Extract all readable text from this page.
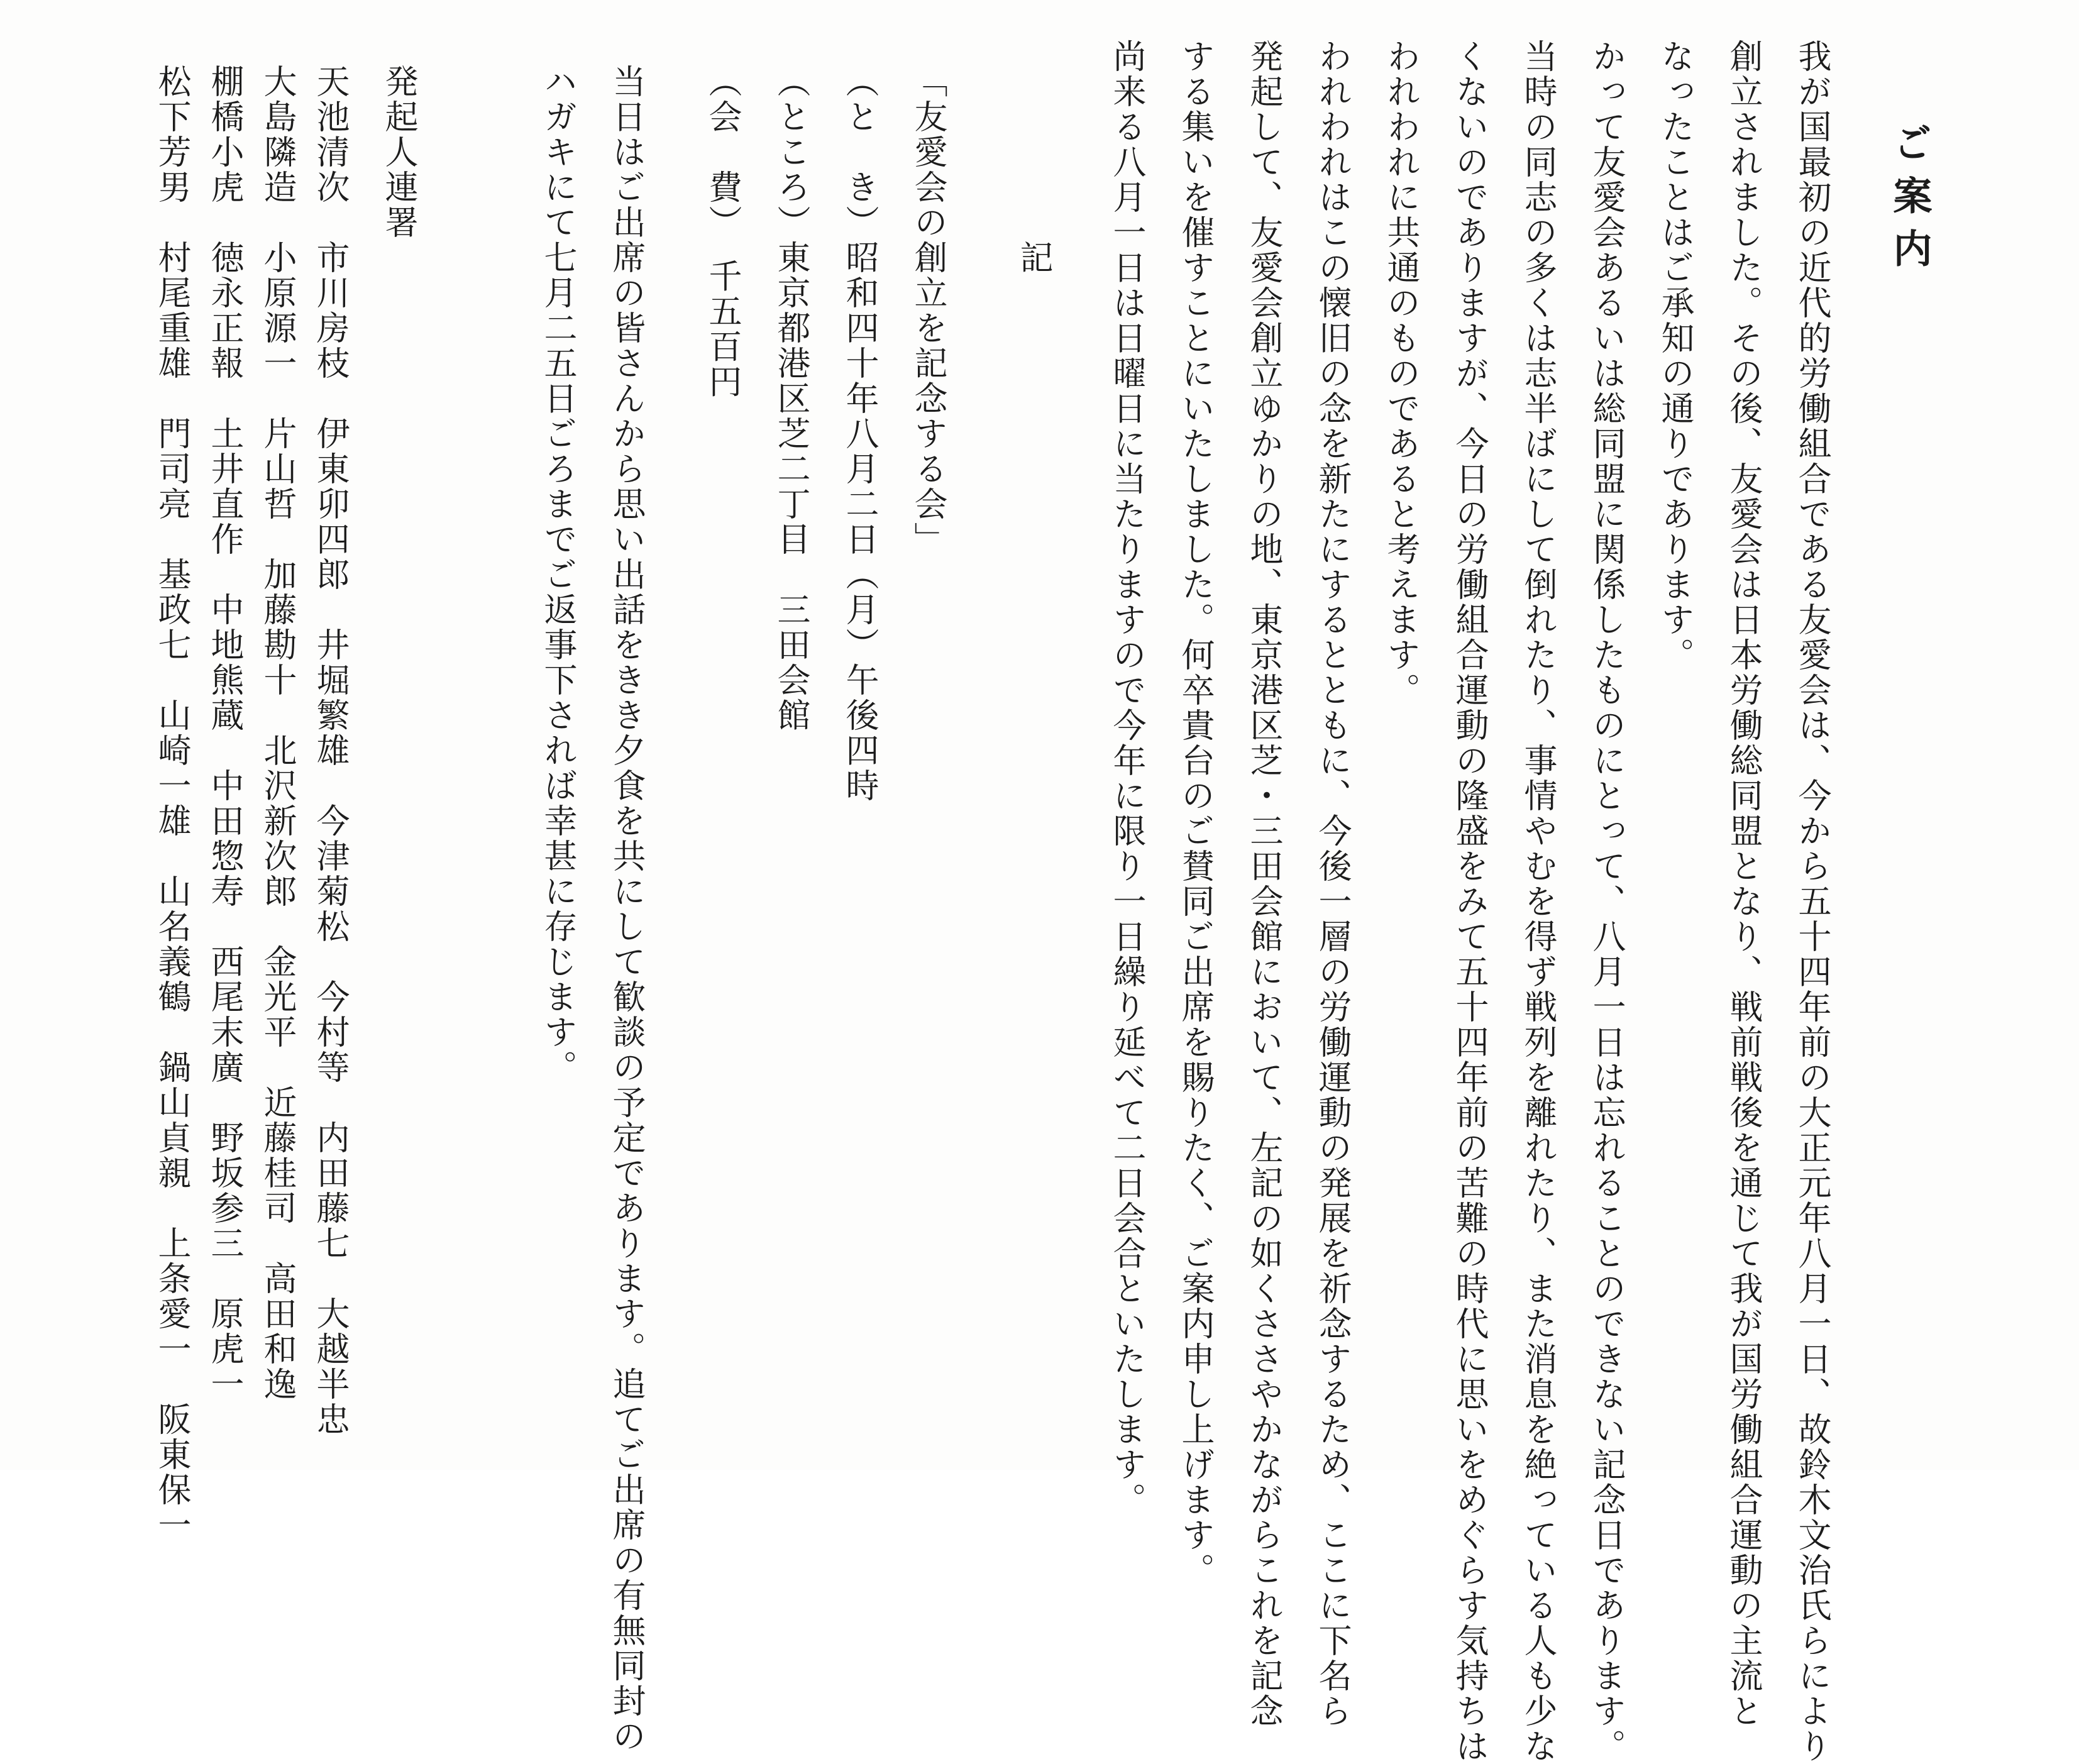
ご案内
我が国最初の近代的労働組合である友愛会は、今から五十四年前の大正元年八月一日、故鈴木文治氏らにより
創立されました。その後、友愛会は日本労働総同盟となり、戦前戦後を通じて我が国労働組合運動の主流と
なったことはご承知の通りであります。
かって友愛会あるいは総同盟に関係したものにとって、八月一日は忘れることのできない記念日であります。
当時の同志の多くは志半ばにして倒れたり、事情やむを得ず戦列を離れたり、また消息を絶っている人も少な
くないのでありますが、今日の労働組合運動の隆盛をみて五十四年前の苦難の時代に思いをめぐらす気持ちは
われわれに共通のものであると考えます。
われわれはこの懐旧の念を新たにするとともに、今後一層の労働運動の発展を祈念するため、ここに下名ら
発起して、友愛会創立ゆかりの地、東京港区芝・三田会館において、左記の如くささやかながらこれを記念
する集いを催すことにいたしました。何卒貴台のご賛同ご出席を賜りたく、ご案内申し上げます。
尚来る八月一日は日曜日に当たりますので今年に限り一日繰り延べて二日会合といたします。
記
「友愛会の創立を記念する会」
（と　き）昭和四十年八月二日（月）午後四時
（ところ）東京都港区芝二丁目　三田会館
（会　費）　千五百円
当日はご出席の皆さんから思い出話をきき夕食を共にして歓談の予定であります。追てご出席の有無同封の
ハガキにて七月二五日ごろまでご返事下されば幸甚に存じます。
発起人連署
天池清次　市川房枝　伊東卯四郎　井堀繁雄　今津菊松　今村等　内田藤七　大越半忠
大島隣造　小原源一　片山哲　加藤勘十　北沢新次郎　金光平　近藤桂司　高田和逸
棚橋小虎　徳永正報　土井直作　中地熊蔵　中田惣寿　西尾末廣　野坂参三　原虎一
松下芳男　村尾重雄　門司亮　基政七　山崎一雄　山名義鶴　鍋山貞親　上条愛一　阪東保一
